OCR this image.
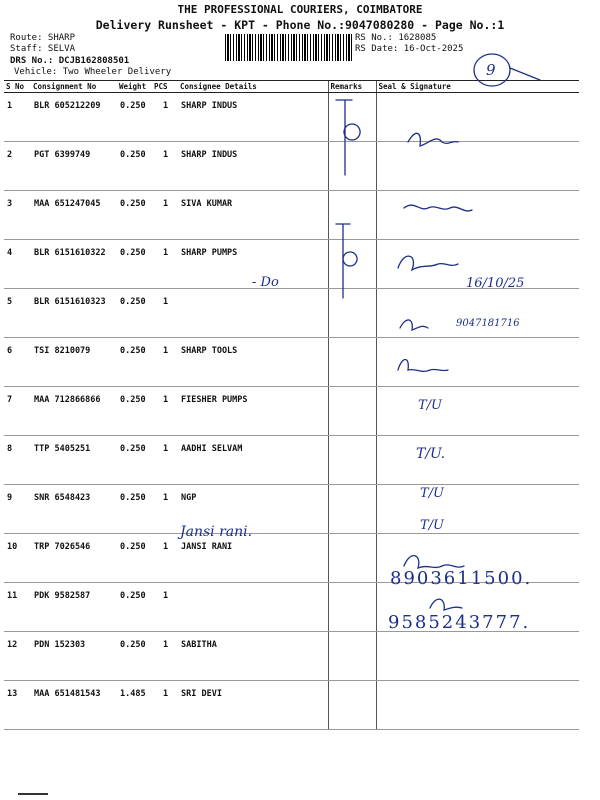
THE PROFESSIONAL COURIERS, COIMBATORE
Delivery Runsheet - KPT - Phone No.:9047080280 - Page No.:1
Route: SHARP
Staff: SELVA
DRS No.: DCJB162808501
Vehicle: Two Wheeler Delivery
RS No.: 1628085
RS Date: 16-Oct-2025
S No	Consignment No	Weight	PCS	Consignee Details	Remarks	Seal & Signature
1	BLR 605212209	0.250	1	SHARP INDUS		
2	PGT 6399749	0.250	1	SHARP INDUS		
3	MAA 651247045	0.250	1	SIVA KUMAR		
4	BLR 6151610322	0.250	1	SHARP PUMPS		
5	BLR 6151610323	0.250	1			
6	TSI 8210079	0.250	1	SHARP TOOLS		
7	MAA 712866866	0.250	1	FIESHER PUMPS		
8	TTP 5405251	0.250	1	AADHI SELVAM		
9	SNR 6548423	0.250	1	NGP		
10	TRP 7026546	0.250	1	JANSI RANI		
11	PDK 9582587	0.250	1			
12	PDN 152303	0.250	1	SABITHA		
13	MAA 651481543	1.485	1	SRI DEVI		
9
- Do	16/10/25
9047181716
T/U
T/U.
T/U
T/U
Jansi rani.
8903611500.
9585243777.
